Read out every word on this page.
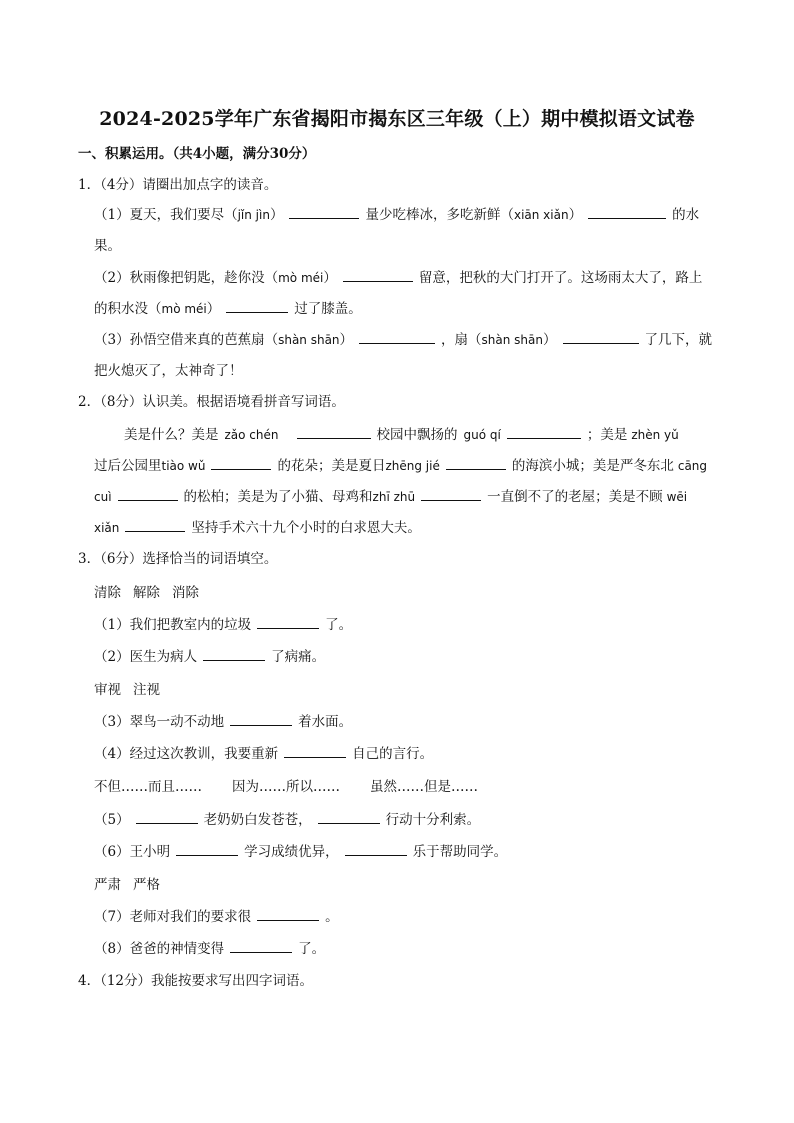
2024-2025学年广东省揭阳市揭东区三年级（上）期中模拟语文试卷
一、积累运用。（共4小题，满分30分）
1．（4分）请圈出加点字的读音。
（1）夏天，我们要尽（jǐn jìn）	量少吃棒冰，多吃新鲜（xiān xiǎn）	的水
果。
（2）秋雨像把钥匙，趁你没（mò méi）	留意，把秋的大门打开了。这场雨太大了，路上
的积水没（mò méi）	过了膝盖。
（3）孙悟空借来真的芭蕉扇（shàn shān）	，扇（shàn shān）	了几下，就
把火熄灭了，太神奇了！
2．（8分）认识美。根据语境看拼音写词语。
美是什么？美是 zǎo chén	校园中飘扬的 guó qí	；美是 zhèn yǔ
过后公园里tiào wǔ	的花朵；美是夏日zhēng jié	的海滨小城；美是严冬东北 cāng
cuì	的松柏；美是为了小猫、母鸡和zhī zhū	一直倒不了的老屋；美是不顾 wēi
xiǎn	坚持手术六十九个小时的白求恩大夫。
3．（6分）选择恰当的词语填空。
清除 解除 消除
（1）我们把教室内的垃圾	了。
（2）医生为病人	了病痛。
审视 注视
（3）翠鸟一动不动地	着水面。
（4）经过这次教训，我要重新	自己的言行。
不但……而且…… 因为……所以…… 虽然……但是……
（5）	老奶奶白发苍苍，	行动十分利索。
（6）王小明	学习成绩优异，	乐于帮助同学。
严肃 严格
（7）老师对我们的要求很	。
（8）爸爸的神情变得	了。
4．（12分）我能按要求写出四字词语。
